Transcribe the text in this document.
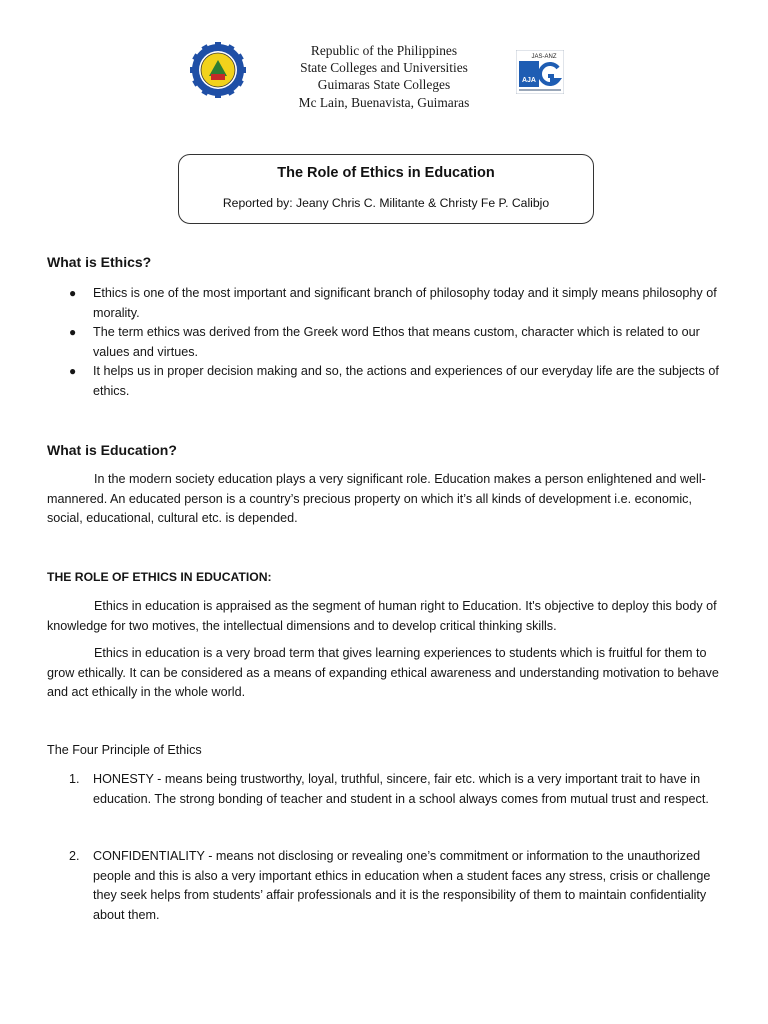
Republic of the Philippines
State Colleges and Universities
Guimaras State Colleges
Mc Lain, Buenavista, Guimaras
JAS-ANZ
AJA
The Role of Ethics in Education
Reported by: Jeany Chris C. Militante & Christy Fe P. Calibjo
What is Ethics?
● Ethics is one of the most important and significant branch of philosophy today and it simply means philosophy of morality.
● The term ethics was derived from the Greek word Ethos that means custom, character which is related to our values and virtues.
● It helps us in proper decision making and so, the actions and experiences of our everyday life are the subjects of ethics.
What is Education?

In the modern society education plays a very significant role. Education makes a person enlightened and well-mannered. An educated person is a country’s precious property on which it’s all kinds of development i.e. economic, social, educational, cultural etc. is depended.

THE ROLE OF ETHICS IN EDUCATION:

Ethics in education is appraised as the segment of human right to Education. It's objective to deploy this body of knowledge for two motives, the intellectual dimensions and to develop critical thinking skills.

Ethics in education is a very broad term that gives learning experiences to students which is fruitful for them to grow ethically. It can be considered as a means of expanding ethical awareness and understanding motivation to behave and act ethically in the whole world.

The Four Principle of Ethics
1. HONESTY - means being trustworthy, loyal, truthful, sincere, fair etc. which is a very important trait to have in education. The strong bonding of teacher and student in a school always comes from mutual trust and respect.
2. CONFIDENTIALITY - means not disclosing or revealing one’s commitment or information to the unauthorized people and this is also a very important ethics in education when a student faces any stress, crisis or challenge they seek helps from students’ affair professionals and it is the responsibility of them to maintain confidentiality about them.
